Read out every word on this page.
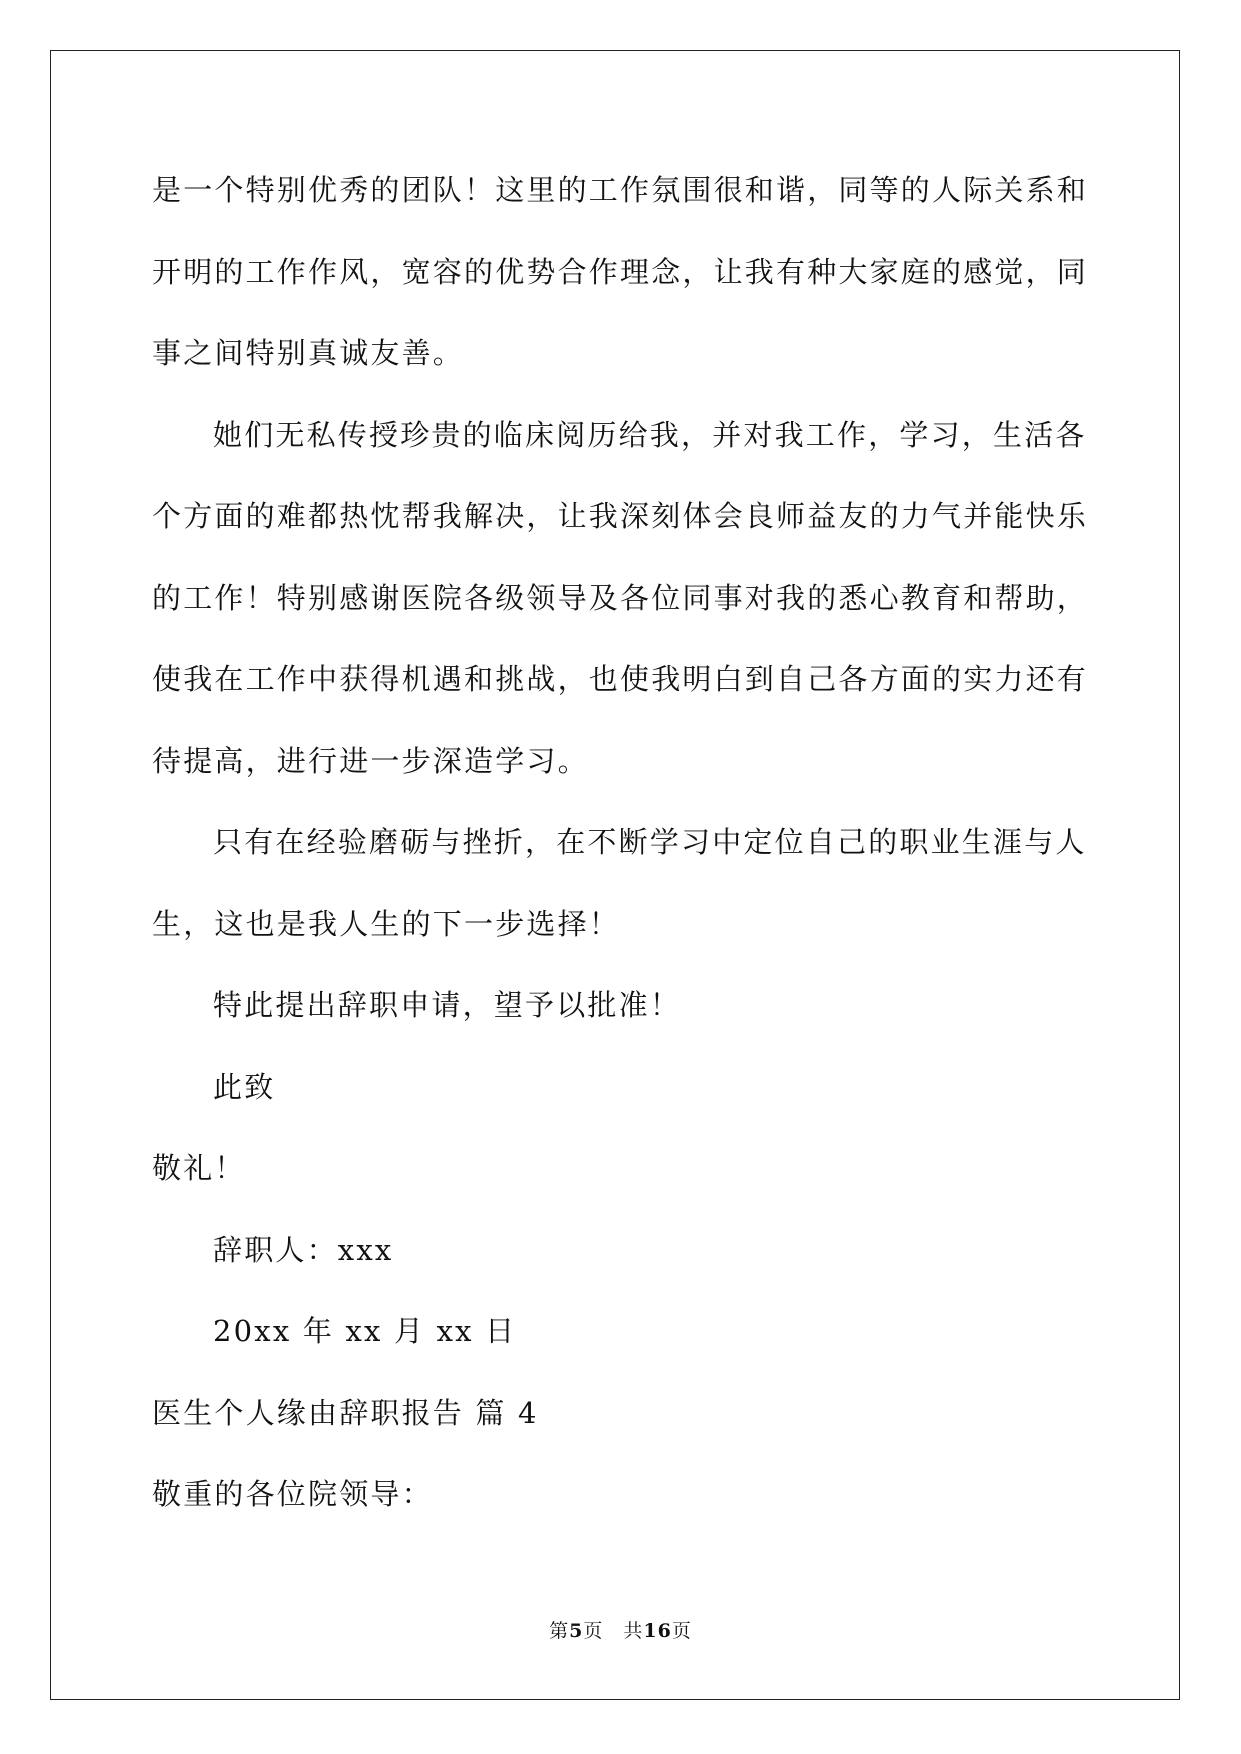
是一个特别优秀的团队！这里的工作氛围很和谐，同等的人际关系和
开明的工作作风，宽容的优势合作理念，让我有种大家庭的感觉，同
事之间特别真诚友善。
她们无私传授珍贵的临床阅历给我，并对我工作，学习，生活各
个方面的难都热忱帮我解决，让我深刻体会良师益友的力气并能快乐
的工作！特别感谢医院各级领导及各位同事对我的悉心教育和帮助，
使我在工作中获得机遇和挑战，也使我明白到自己各方面的实力还有
待提高，进行进一步深造学习。
只有在经验磨砺与挫折，在不断学习中定位自己的职业生涯与人
生，这也是我人生的下一步选择！
特此提出辞职申请，望予以批准！
此致
敬礼！
辞职人：xxx
20xx 年 xx 月 xx 日
医生个人缘由辞职报告 篇 4
敬重的各位院领导：
第5页 共16页
